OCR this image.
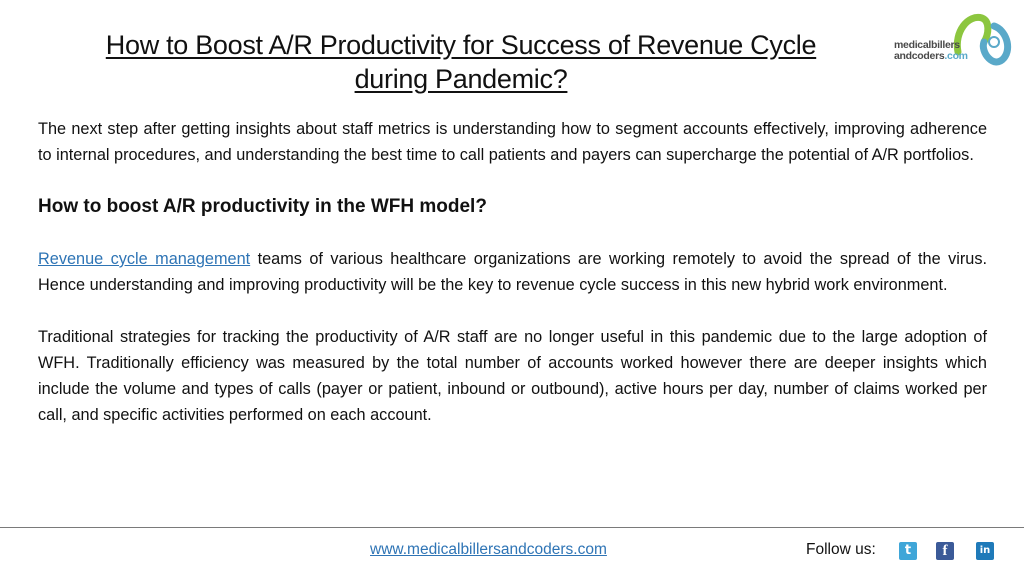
How to Boost A/R Productivity for Success of Revenue Cycle
during Pandemic?
medicalbillers
andcoders.com

The next step after getting insights about staff metrics is understanding how to segment accounts effectively, improving adherence to internal procedures, and understanding the best time to call patients and payers can supercharge the potential of A/R portfolios.

How to boost A/R productivity in the WFH model?

Revenue cycle management teams of various healthcare organizations are working remotely to avoid the spread of the virus. Hence understanding and improving productivity will be the key to revenue cycle success in this new hybrid work environment.

Traditional strategies for tracking the productivity of A/R staff are no longer useful in this pandemic due to the large adoption of WFH. Traditionally efficiency was measured by the total number of accounts worked however there are deeper insights which include the volume and types of calls (payer or patient, inbound or outbound), active hours per day, number of claims worked per call, and specific activities performed on each account.

www.medicalbillersandcoders.com	Follow us:	t	f	in
